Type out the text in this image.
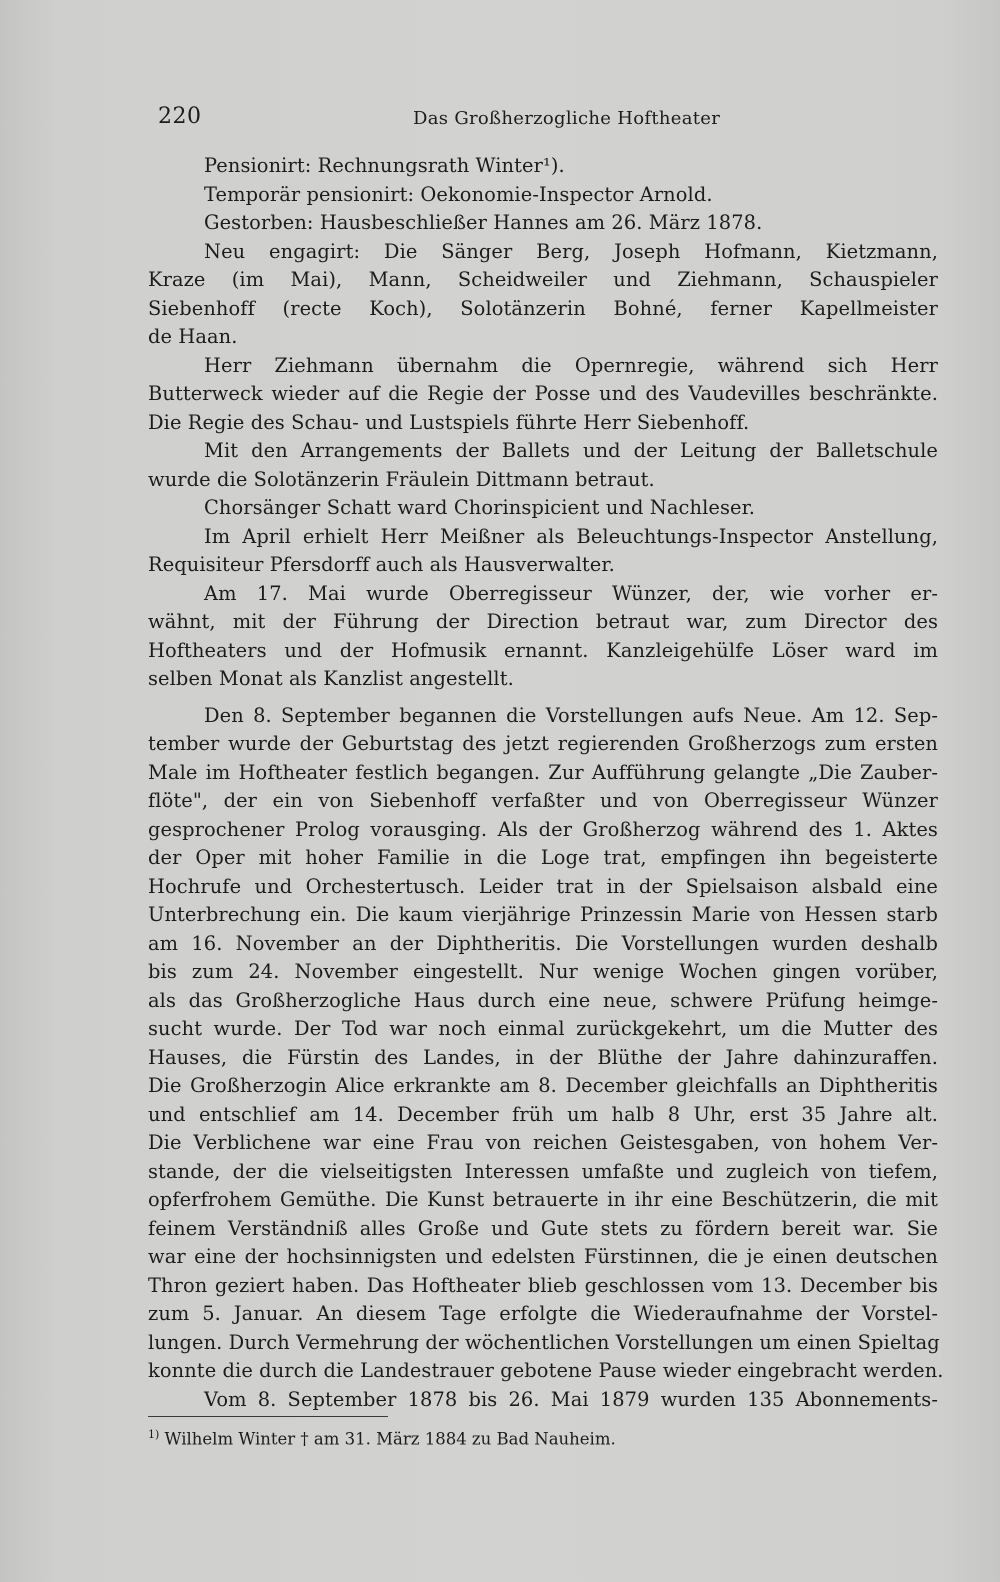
220	Das Großherzogliche Hoftheater
Pensionirt: Rechnungsrath Winter¹).
Temporär pensionirt: Oekonomie-Inspector Arnold.
Gestorben: Hausbeschließer Hannes am 26. März 1878.
Neu engagirt: Die Sänger Berg, Joseph Hofmann, Kietzmann,
Kraze (im Mai), Mann, Scheidweiler und Ziehmann, Schauspieler
Siebenhoff (recte Koch), Solotänzerin Bohné, ferner Kapellmeister
de Haan.
Herr Ziehmann übernahm die Opernregie, während sich Herr
Butterweck wieder auf die Regie der Posse und des Vaudevilles beschränkte.
Die Regie des Schau- und Lustspiels führte Herr Siebenhoff.
Mit den Arrangements der Ballets und der Leitung der Balletschule
wurde die Solotänzerin Fräulein Dittmann betraut.
Chorsänger Schatt ward Chorinspicient und Nachleser.
Im April erhielt Herr Meißner als Beleuchtungs-Inspector Anstellung,
Requisiteur Pfersdorff auch als Hausverwalter.
Am 17. Mai wurde Oberregisseur Wünzer, der, wie vorher er-
wähnt, mit der Führung der Direction betraut war, zum Director des
Hoftheaters und der Hofmusik ernannt. Kanzleigehülfe Löser ward im
selben Monat als Kanzlist angestellt.
Den 8. September begannen die Vorstellungen aufs Neue. Am 12. Sep-
tember wurde der Geburtstag des jetzt regierenden Großherzogs zum ersten
Male im Hoftheater festlich begangen. Zur Aufführung gelangte „Die Zauber-
flöte", der ein von Siebenhoff verfaßter und von Oberregisseur Wünzer
gesprochener Prolog vorausging. Als der Großherzog während des 1. Aktes
der Oper mit hoher Familie in die Loge trat, empfingen ihn begeisterte
Hochrufe und Orchestertusch. Leider trat in der Spielsaison alsbald eine
Unterbrechung ein. Die kaum vierjährige Prinzessin Marie von Hessen starb
am 16. November an der Diphtheritis. Die Vorstellungen wurden deshalb
bis zum 24. November eingestellt. Nur wenige Wochen gingen vorüber,
als das Großherzogliche Haus durch eine neue, schwere Prüfung heimge-
sucht wurde. Der Tod war noch einmal zurückgekehrt, um die Mutter des
Hauses, die Fürstin des Landes, in der Blüthe der Jahre dahinzuraffen.
Die Großherzogin Alice erkrankte am 8. December gleichfalls an Diphtheritis
und entschlief am 14. December früh um halb 8 Uhr, erst 35 Jahre alt.
Die Verblichene war eine Frau von reichen Geistesgaben, von hohem Ver-
stande, der die vielseitigsten Interessen umfaßte und zugleich von tiefem,
opferfrohem Gemüthe. Die Kunst betrauerte in ihr eine Beschützerin, die mit
feinem Verständniß alles Große und Gute stets zu fördern bereit war. Sie
war eine der hochsinnigsten und edelsten Fürstinnen, die je einen deutschen
Thron geziert haben. Das Hoftheater blieb geschlossen vom 13. December bis
zum 5. Januar. An diesem Tage erfolgte die Wiederaufnahme der Vorstel-
lungen. Durch Vermehrung der wöchentlichen Vorstellungen um einen Spieltag
konnte die durch die Landestrauer gebotene Pause wieder eingebracht werden.
Vom 8. September 1878 bis 26. Mai 1879 wurden 135 Abonnements-
$^{1)}$ Wilhelm Winter † am 31. März 1884 zu Bad Nauheim.
